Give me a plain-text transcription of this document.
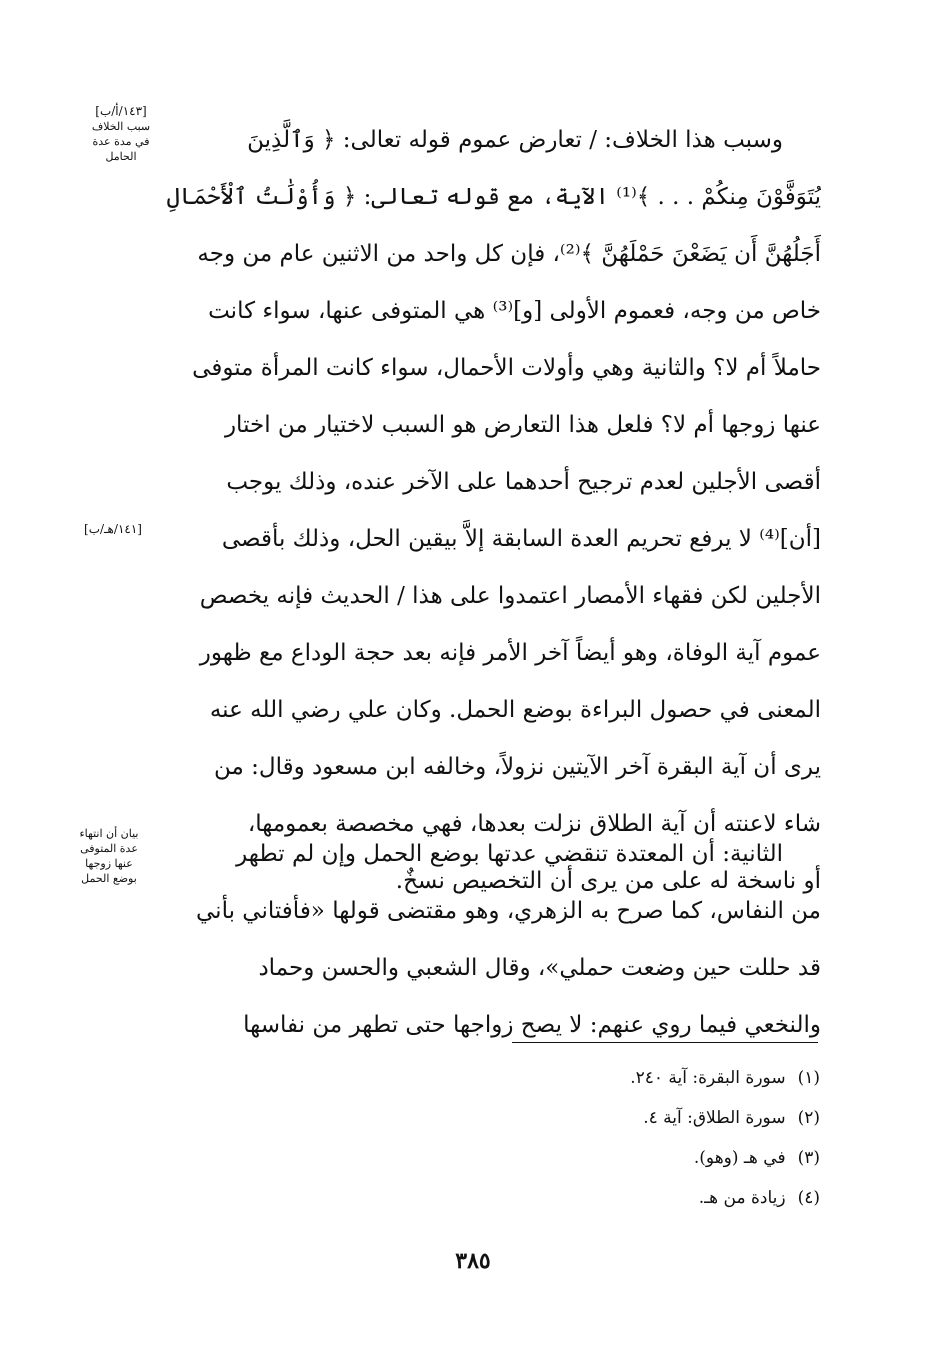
[١٤٣/أ/ب]
سبب الخلاف
في مدة عدة
الحامل
[١٤١/هـ/ب]
بيان أن انتهاء
عدة المتوفى
عنها زوجها
بوضع الحمل
وسبب هذا الخلاف: / تعارض عموم قوله تعالى: ﴿ وَٱلَّذِينَ
يُتَوَفَّوْنَ مِنكُمْ . . . ﴾⁽¹⁾ الآية، مع قوله تعالى: ﴿ وَأُوْلَٰتُ ٱلْأَحْمَالِ
أَجَلُهُنَّ أَن يَضَعْنَ حَمْلَهُنَّ ﴾⁽²⁾، فإن كل واحد من الاثنين عام من وجه
خاص من وجه، فعموم الأولى [و]⁽³⁾ هي المتوفى عنها، سواء كانت
حاملاً أم لا؟ والثانية وهي وأولات الأحمال، سواء كانت المرأة متوفى
عنها زوجها أم لا؟ فلعل هذا التعارض هو السبب لاختيار من اختار
أقصى الأجلين لعدم ترجيح أحدهما على الآخر عنده، وذلك يوجب
[أن]⁽⁴⁾ لا يرفع تحريم العدة السابقة إلاَّ بيقين الحل، وذلك بأقصى
الأجلين لكن فقهاء الأمصار اعتمدوا على هذا / الحديث فإنه يخصص
عموم آية الوفاة، وهو أيضاً آخر الأمر فإنه بعد حجة الوداع مع ظهور
المعنى في حصول البراءة بوضع الحمل. وكان علي رضي الله عنه
يرى أن آية البقرة آخر الآيتين نزولاً، وخالفه ابن مسعود وقال: من
شاء لاعنته أن آية الطلاق نزلت بعدها، فهي مخصصة بعمومها،
أو ناسخة له على من يرى أن التخصيص نسخٌ.
الثانية: أن المعتدة تنقضي عدتها بوضع الحمل وإن لم تطهر
من النفاس، كما صرح به الزهري، وهو مقتضى قولها «فأفتاني بأني
قد حللت حين وضعت حملي»، وقال الشعبي والحسن وحماد
والنخعي فيما روي عنهم: لا يصح زواجها حتى تطهر من نفاسها
(١)سورة البقرة: آية ٢٤٠.
(٢)سورة الطلاق: آية ٤.
(٣)في هـ (وهو).
(٤)زيادة من هـ.
٣٨٥
